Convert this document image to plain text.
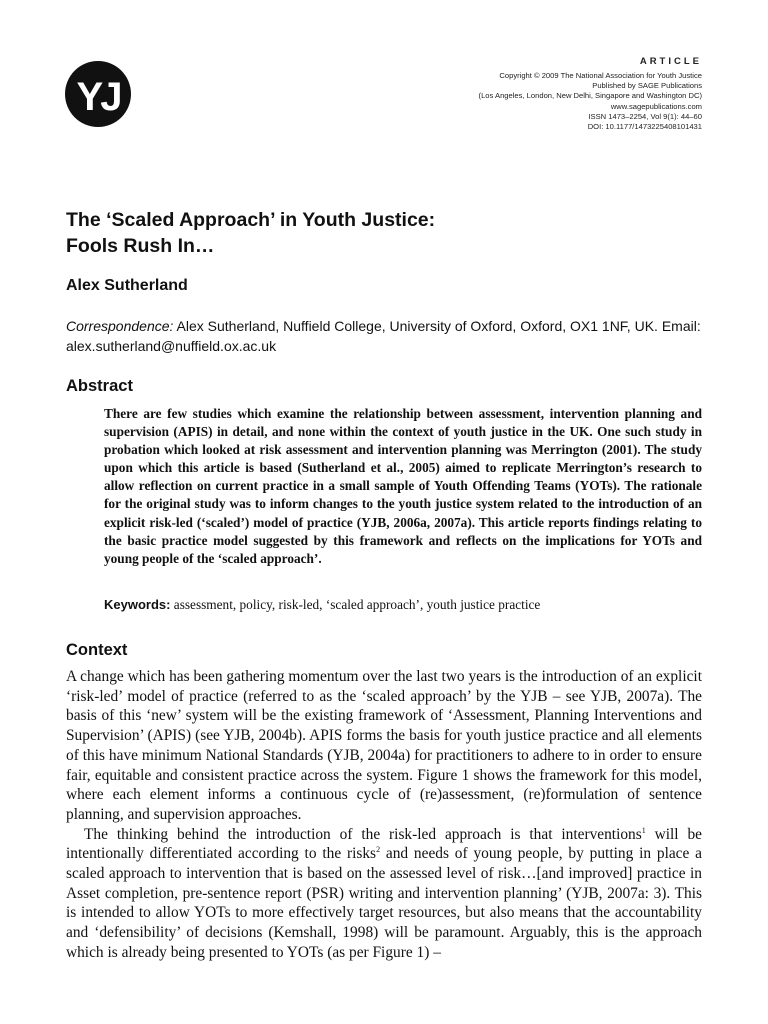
YJ
ARTICLE
Copyright © 2009 The National Association for Youth Justice
Published by SAGE Publications
(Los Angeles, London, New Delhi, Singapore and Washington DC)
www.sagepublications.com
ISSN 1473–2254, Vol 9(1): 44–60
DOI: 10.1177/1473225408101431
The ‘Scaled Approach’ in Youth Justice:
Fools Rush In…
Alex Sutherland
Correspondence: Alex Sutherland, Nuffield College, University of Oxford, Oxford, OX1 1NF, UK. Email: alex.sutherland@nuffield.ox.ac.uk
Abstract

There are few studies which examine the relationship between assessment, intervention planning and supervision (APIS) in detail, and none within the context of youth justice in the UK. One such study in probation which looked at risk assessment and intervention planning was Merrington (2001). The study upon which this article is based (Sutherland et al., 2005) aimed to replicate Merrington’s research to allow reflection on current practice in a small sample of Youth Offending Teams (YOTs). The rationale for the original study was to inform changes to the youth justice system related to the introduction of an explicit risk-led (‘scaled’) model of practice (YJB, 2006a, 2007a). This article reports findings relating to the basic practice model suggested by this framework and reflects on the implications for YOTs and young people of the ‘scaled approach’.

Keywords: assessment, policy, risk-led, ‘scaled approach’, youth justice practice
Context

A change which has been gathering momentum over the last two years is the introduction of an explicit ‘risk-led’ model of practice (referred to as the ‘scaled approach’ by the YJB – see YJB, 2007a). The basis of this ‘new’ system will be the existing framework of ‘Assessment, Planning Interventions and Supervision’ (APIS) (see YJB, 2004b). APIS forms the basis for youth justice practice and all elements of this have minimum National Standards (YJB, 2004a) for practitioners to adhere to in order to ensure fair, equitable and consistent practice across the system. Figure 1 shows the framework for this model, where each element informs a continuous cycle of (re)assessment, (re)formulation of sentence planning, and supervision approaches.

The thinking behind the introduction of the risk-led approach is that interventions$^1$ will be intentionally differentiated according to the risks$^2$ and needs of young people, by putting in place a scaled approach to intervention that is based on the assessed level of risk…[and improved] practice in Asset completion, pre-sentence report (PSR) writing and intervention planning’ (YJB, 2007a: 3). This is intended to allow YOTs to more effectively target resources, but also means that the accountability and ‘defensibility’ of decisions (Kemshall, 1998) will be paramount. Arguably, this is the approach which is already being presented to YOTs (as per Figure 1) –
